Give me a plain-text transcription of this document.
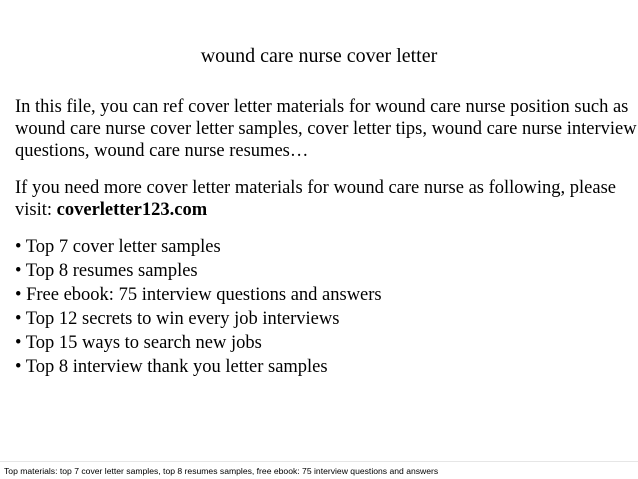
wound care nurse cover letter

In this file, you can ref cover letter materials for wound care nurse position such as
wound care nurse cover letter samples, cover letter tips, wound care nurse interview
questions, wound care nurse resumes…

If you need more cover letter materials for wound care nurse as following, please
visit: coverletter123.com

• Top 7 cover letter samples
• Top 8 resumes samples
• Free ebook: 75 interview questions and answers
• Top 12 secrets to win every job interviews
• Top 15 ways to search new jobs
• Top 8 interview thank you letter samples
Top materials: top 7 cover letter samples, top 8 resumes samples, free ebook: 75 interview questions and answers
